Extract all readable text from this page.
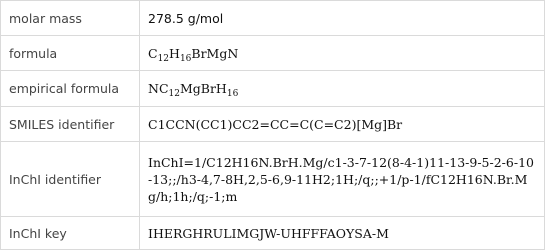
molar mass	278.5 g/mol
formula	$C_{12}H_{16}BrMgN$
empirical formula	$NC_{12}MgBrH_{16}$
SMILES identifier	C1CCN(CC1)CC2=CC=C(C=C2)[Mg]Br
InChI identifier	InChI=1/C12H16N.BrH.Mg/c1-3-7-12(8-4-1)11-13-9-5-2-6-10-13;;/h3-4,7-8H,2,5-6,9-11H2;1H;/q;;+1/p-1/fC12H16N.Br.Mg/h;1h;/q;-1;m
InChI key	IHERGHRULIMGJW-UHFFFAOYSA-M
